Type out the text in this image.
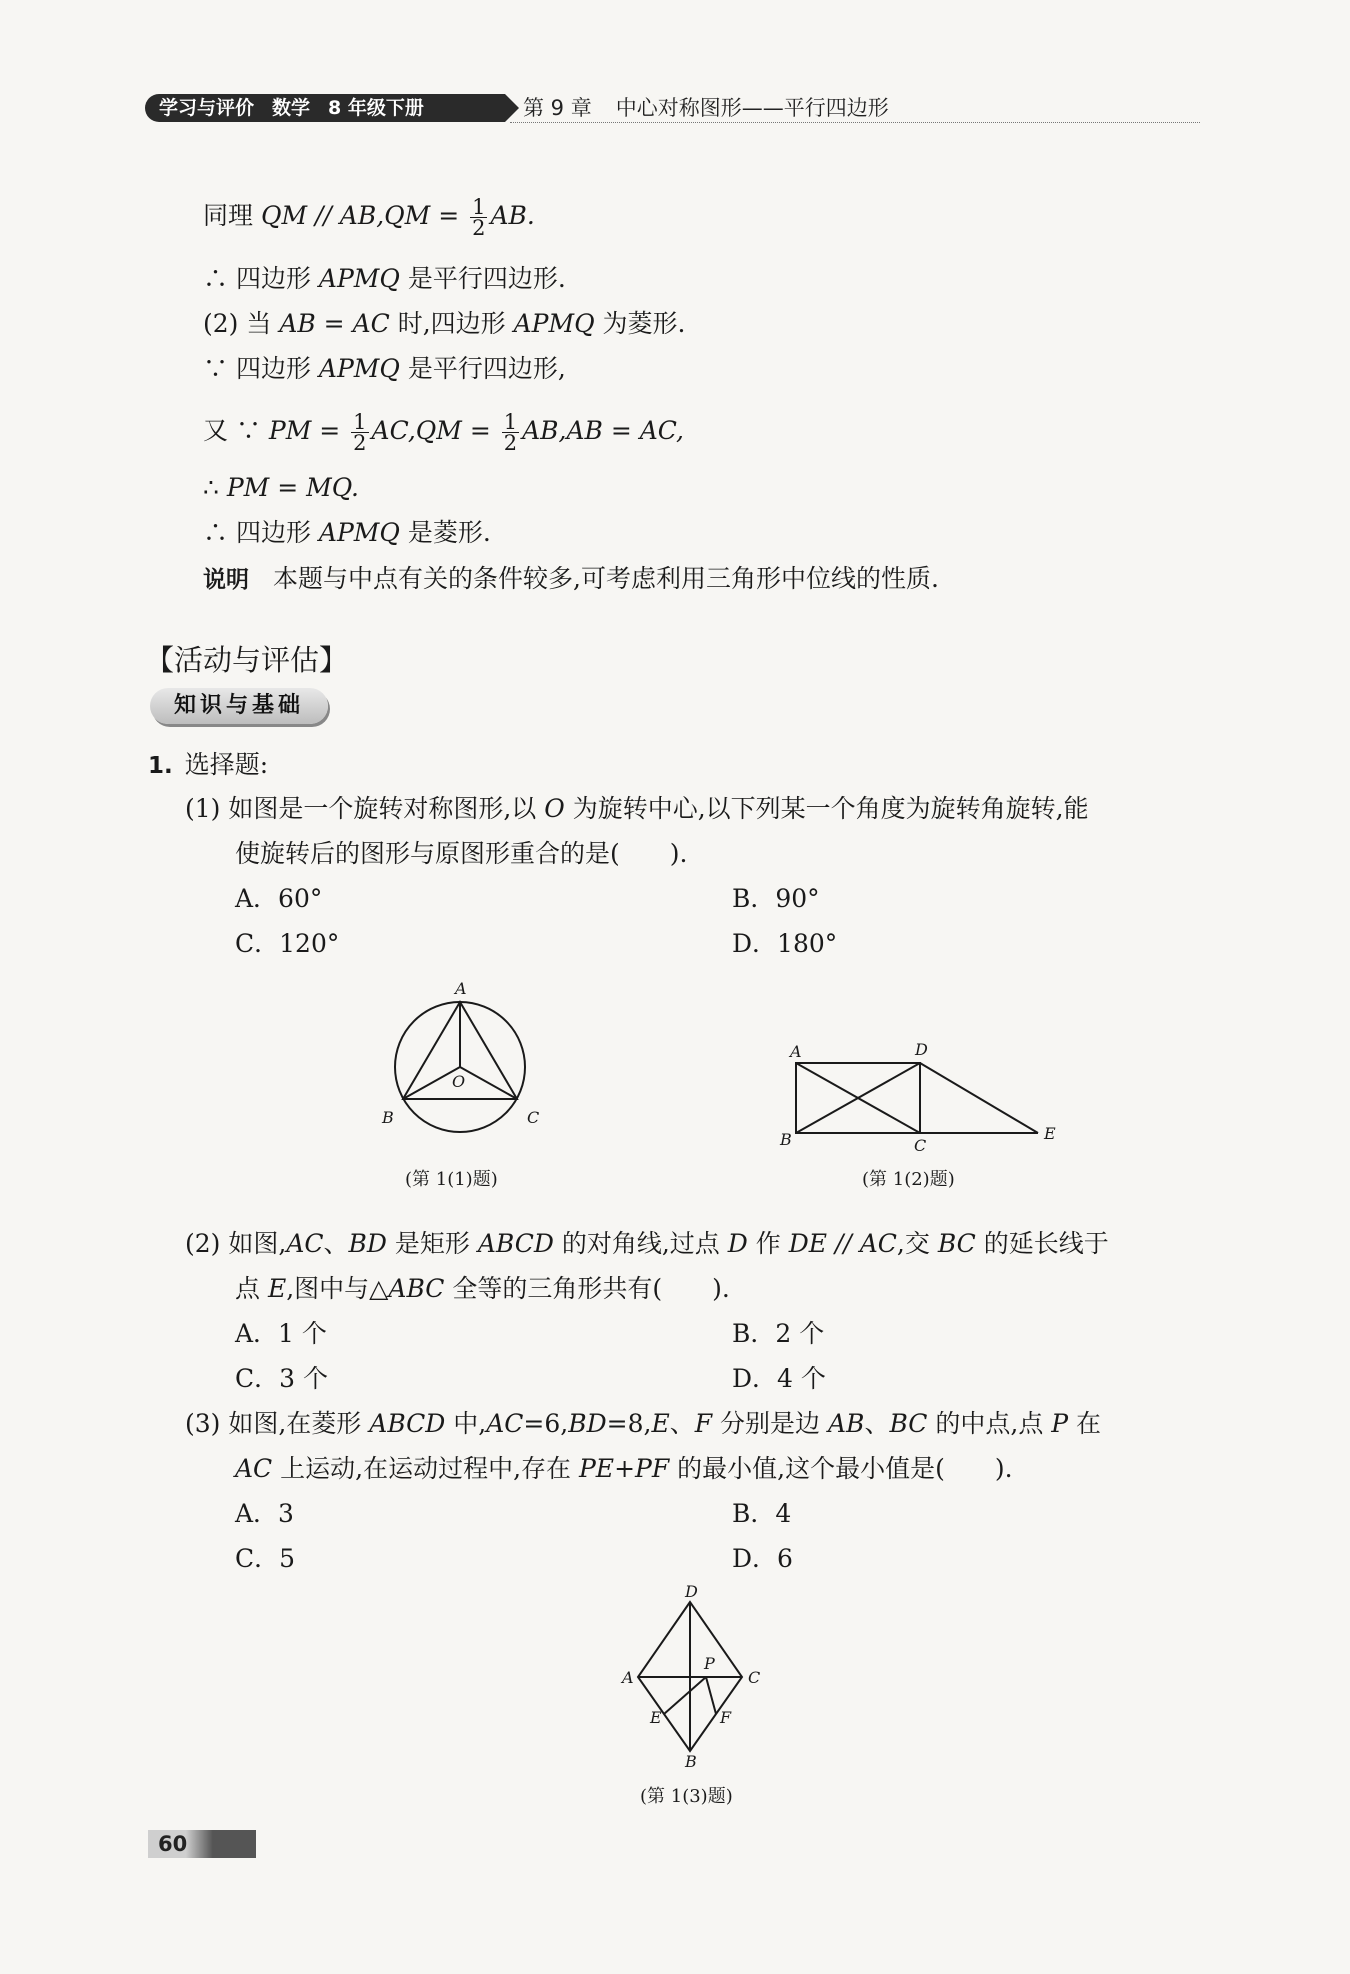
学习与评价 数学 8 年级下册	第 9 章 中心对称图形——平行四边形
同理 QM // $AB,QM = \frac{1}{2}$ AB.
∴ 四边形 APMQ 是平行四边形.
(2) 当 AB = AC 时,四边形 APMQ 为菱形.
∵ 四边形 APMQ 是平行四边形,
又 ∵ PM = $\frac{1}{2} AC,QM = \frac{1}{2} AB,AB$ = AC,
∴ PM = MQ.
∴ 四边形 APMQ 是菱形.
说明 本题与中点有关的条件较多,可考虑利用三角形中位线的性质.
【活动与评估】
知识与基础
1. 选择题:
(1) 如图是一个旋转对称图形,以 O 为旋转中心,以下列某一个角度为旋转角旋转,能
使旋转后的图形与原图形重合的是(　　).
A．60°	B．90°
C．120°	D．180°
A
B	C
O
(第 1(1)题)
A	D
B	C
E
(第 1(2)题)
(2) 如图,AC、BD 是矩形 ABCD 的对角线,过点 D 作 DE // AC,交 BC 的延长线于
点 E,图中与△ABC 全等的三角形共有(　　).
A．1 个	B．2 个
C．3 个	D．4 个
(3) 如图,在菱形 ABCD 中,AC=6,BD=8,E、F 分别是边 AB、BC 的中点,点 P 在
AC 上运动,在运动过程中,存在 PE+PF 的最小值,这个最小值是(　　).
A．3	B．4
C．5	D．6
D
A
P
C
E	F
B
(第 1(3)题)
60
